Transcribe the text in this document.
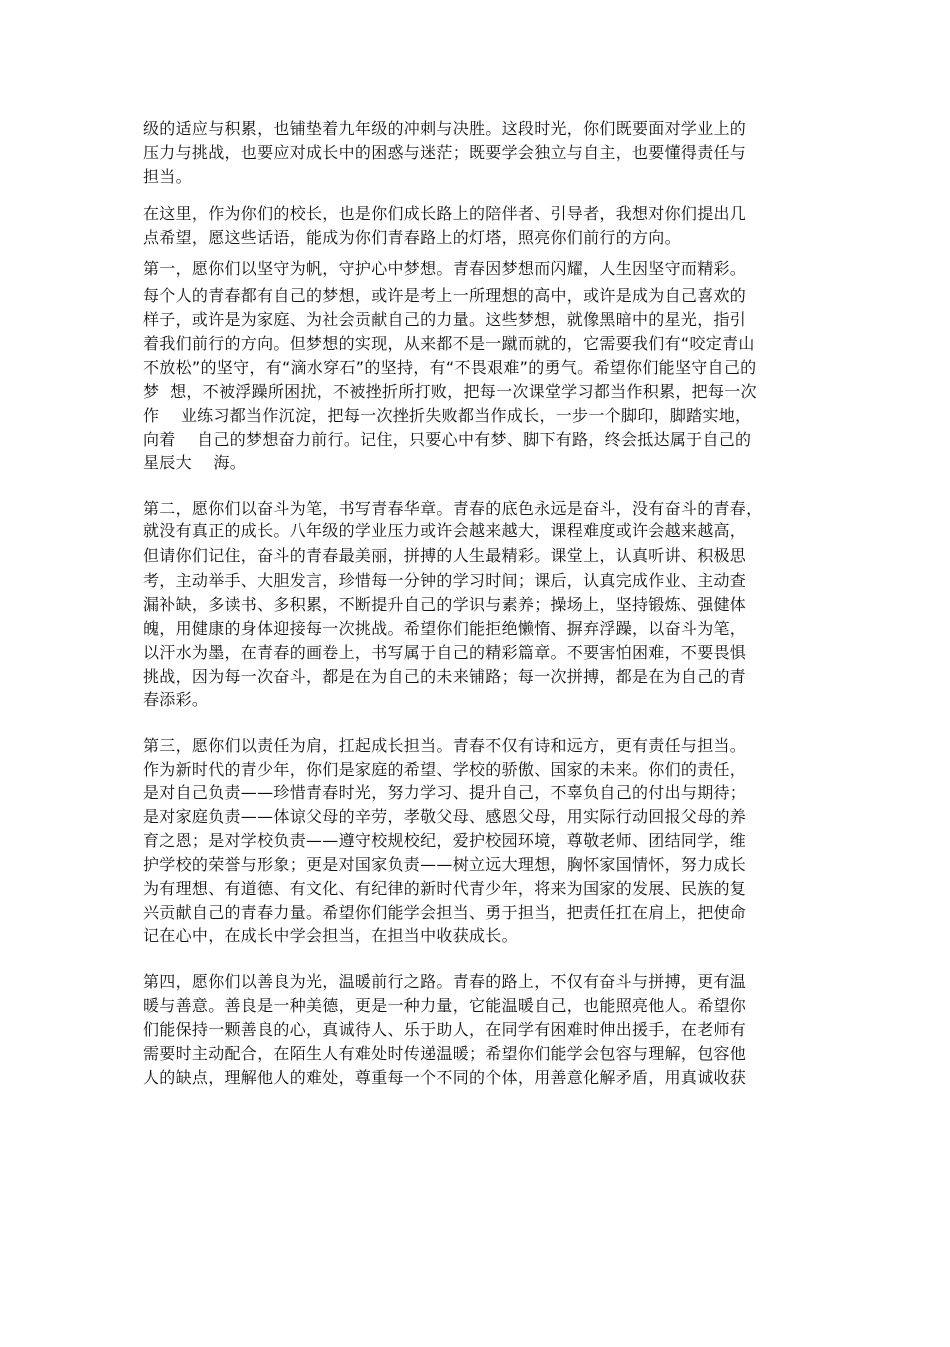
级的适应与积累，也铺垫着九年级的冲刺与决胜。这段时光，你们既要面对学业上的

压力与挑战，也要应对成长中的困惑与迷茫；既要学会独立与自主，也要懂得责任与

担当。

在这里，作为你们的校长，也是你们成长路上的陪伴者、引导者，我想对你们提出几

点希望，愿这些话语，能成为你们青春路上的灯塔，照亮你们前行的方向。

第一，愿你们以坚守为帆，守护心中梦想。青春因梦想而闪耀，人生因坚守而精彩。

每个人的青春都有自己的梦想，或许是考上一所理想的高中，或许是成为自己喜欢的

样子，或许是为家庭、为社会贡献自己的力量。这些梦想，就像黑暗中的星光，指引

着我们前行的方向。但梦想的实现，从来都不是一蹴而就的，它需要我们有“咬定青山

不放松”的坚守，有“滴水穿石”的坚持，有“不畏艰难”的勇气。希望你们能坚守自己的

梦  想，不被浮躁所困扰，不被挫折所打败，把每一次课堂学习都当作积累，把每一次

作    业练习都当作沉淀，把每一次挫折失败都当作成长，一步一个脚印，脚踏实地，

向着    自己的梦想奋力前行。记住，只要心中有梦、脚下有路，终会抵达属于自己的

星辰大    海。

第二，愿你们以奋斗为笔，书写青春华章。青春的底色永远是奋斗，没有奋斗的青春，

就没有真正的成长。八年级的学业压力或许会越来越大，课程难度或许会越来越高，

但请你们记住，奋斗的青春最美丽，拼搏的人生最精彩。课堂上，认真听讲、积极思

考，主动举手、大胆发言，珍惜每一分钟的学习时间；课后，认真完成作业、主动查

漏补缺，多读书、多积累，不断提升自己的学识与素养；操场上，坚持锻炼、强健体

魄，用健康的身体迎接每一次挑战。希望你们能拒绝懒惰、摒弃浮躁，以奋斗为笔，

以汗水为墨，在青春的画卷上，书写属于自己的精彩篇章。不要害怕困难，不要畏惧

挑战，因为每一次奋斗，都是在为自己的未来铺路；每一次拼搏，都是在为自己的青

春添彩。

第三，愿你们以责任为肩，扛起成长担当。青春不仅有诗和远方，更有责任与担当。

作为新时代的青少年，你们是家庭的希望、学校的骄傲、国家的未来。你们的责任，

是对自己负责——珍惜青春时光，努力学习、提升自己，不辜负自己的付出与期待；

是对家庭负责——体谅父母的辛劳，孝敬父母、感恩父母，用实际行动回报父母的养

育之恩；是对学校负责——遵守校规校纪，爱护校园环境，尊敬老师、团结同学，维

护学校的荣誉与形象；更是对国家负责——树立远大理想，胸怀家国情怀，努力成长

为有理想、有道德、有文化、有纪律的新时代青少年，将来为国家的发展、民族的复

兴贡献自己的青春力量。希望你们能学会担当、勇于担当，把责任扛在肩上，把使命

记在心中，在成长中学会担当，在担当中收获成长。

第四，愿你们以善良为光，温暖前行之路。青春的路上，不仅有奋斗与拼搏，更有温

暖与善意。善良是一种美德，更是一种力量，它能温暖自己，也能照亮他人。希望你

们能保持一颗善良的心，真诚待人、乐于助人，在同学有困难时伸出援手，在老师有

需要时主动配合，在陌生人有难处时传递温暖；希望你们能学会包容与理解，包容他

人的缺点，理解他人的难处，尊重每一个不同的个体，用善意化解矛盾，用真诚收获
